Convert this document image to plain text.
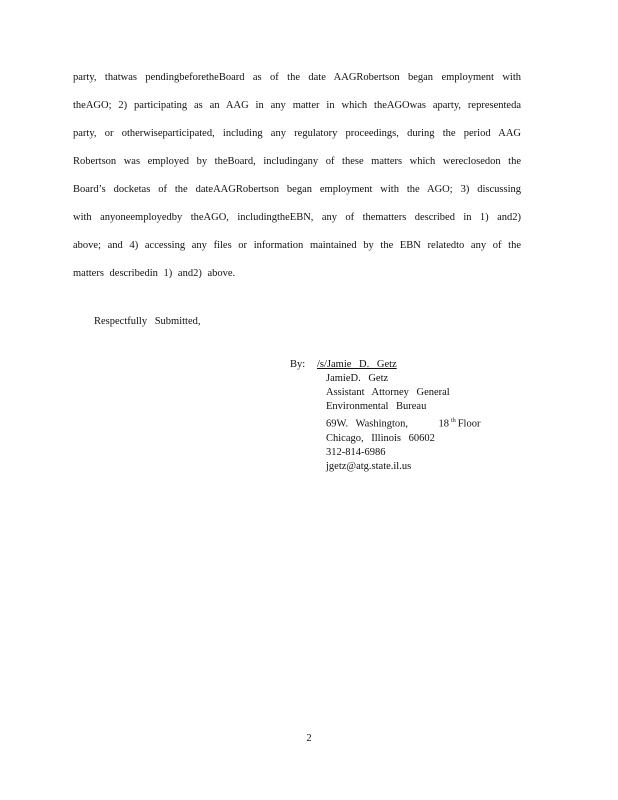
party, thatwas pendingbeforetheBoard as of the date AAGRobertson began employment with
theAGO; 2) participating as an AAG in any matter in which theAGOwas aparty, representeda
party, or otherwiseparticipated, including any regulatory proceedings, during the period AAG
Robertson was employed by theBoard, includingany of these matters which wereclosedon the
Board’s docketas of the dateAAGRobertson began employment with the AGO; 3) discussing
with anyoneemployedby theAGO, includingtheEBN, any of thematters described in 1) and2)
above; and 4) accessing any files or information maintained by the EBN relatedto any of the
matters describedin 1) and2) above.

Respectfully Submitted,

By: /s/Jamie D. Getz
JamieD. Getz
Assistant Attorney General
Environmental Bureau
69W. Washington,	18 $^{th}$ Floor
Chicago, Illinois 60602
312-814-6986
jgetz@atg.state.il.us
2
